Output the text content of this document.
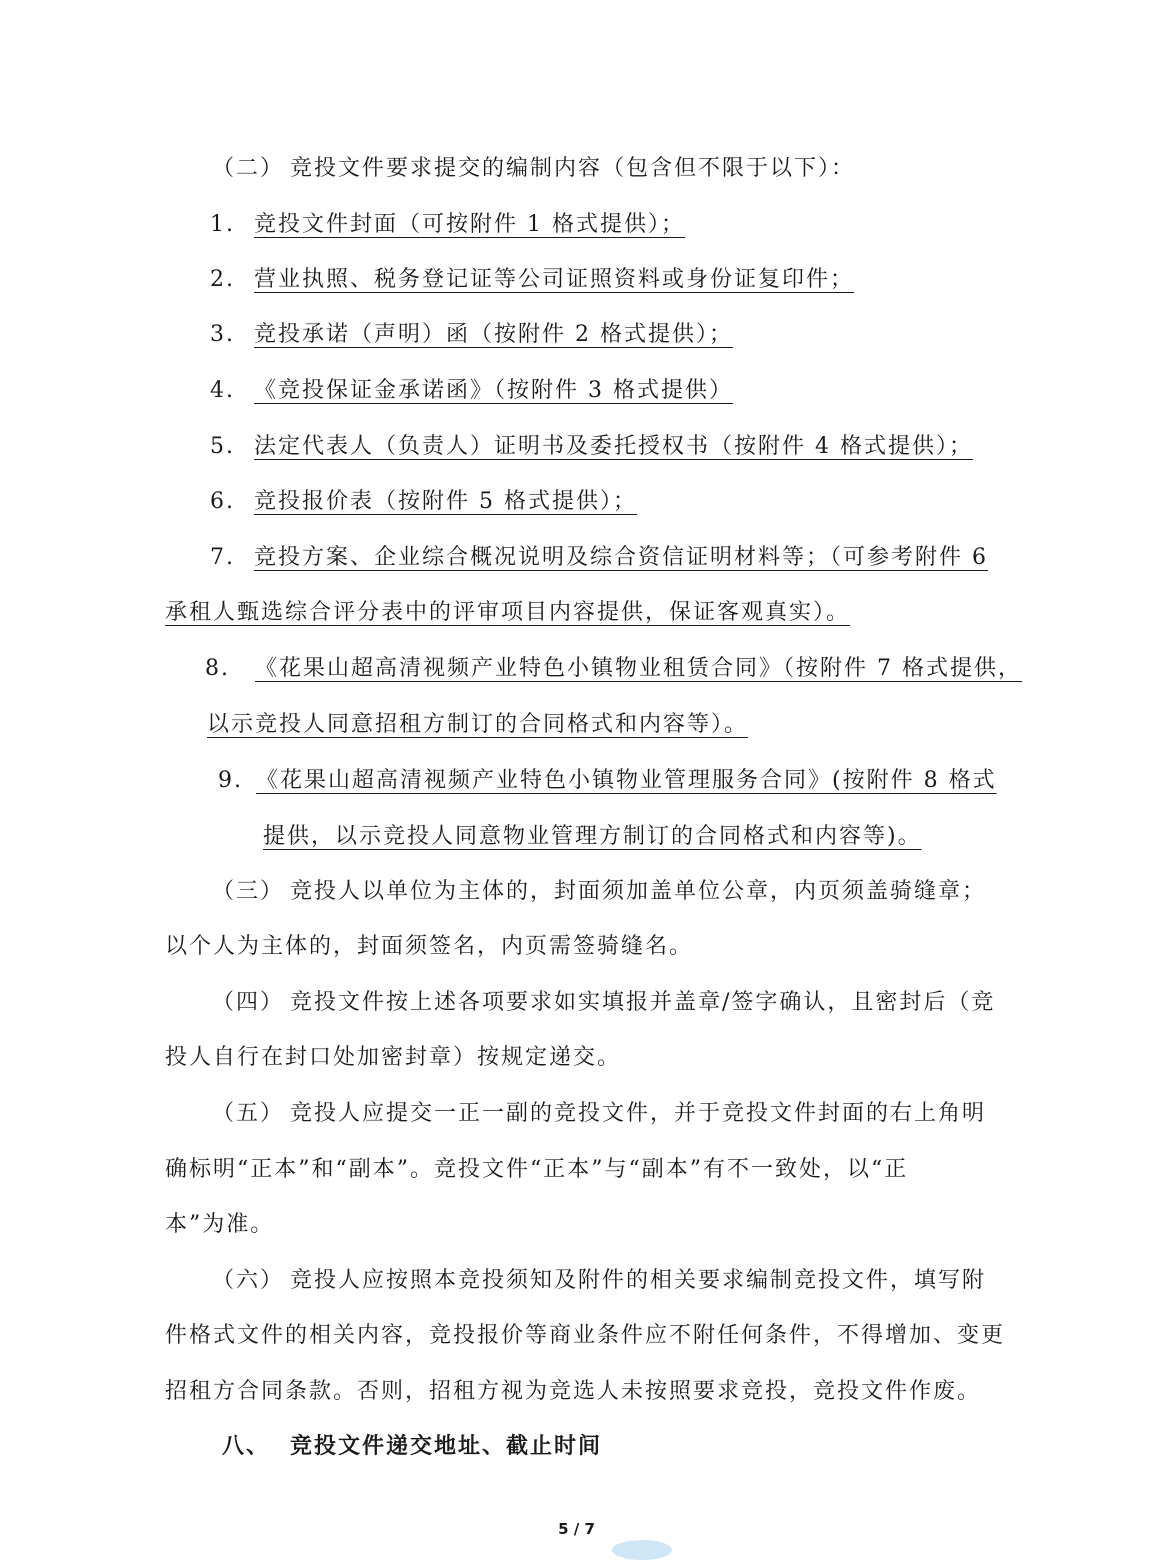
（二） 竞投文件要求提交的编制内容（包含但不限于以下）：
1. 竞投文件封面（可按附件 1 格式提供）；
2. 营业执照、税务登记证等公司证照资料或身份证复印件；
3. 竞投承诺（声明）函（按附件 2 格式提供）；
4. 《竞投保证金承诺函》（按附件 3 格式提供）
5. 法定代表人（负责人）证明书及委托授权书（按附件 4 格式提供）；
6. 竞投报价表（按附件 5 格式提供）；
7. 竞投方案、企业综合概况说明及综合资信证明材料等；（可参考附件 6
承租人甄选综合评分表中的评审项目内容提供，保证客观真实）。
8. 《花果山超高清视频产业特色小镇物业租赁合同》（按附件 7 格式提供，
以示竞投人同意招租方制订的合同格式和内容等）。
9. 《花果山超高清视频产业特色小镇物业管理服务合同》(按附件 8 格式
提供，以示竞投人同意物业管理方制订的合同格式和内容等)。
（三） 竞投人以单位为主体的，封面须加盖单位公章，内页须盖骑缝章；
以个人为主体的，封面须签名，内页需签骑缝名。
（四） 竞投文件按上述各项要求如实填报并盖章/签字确认，且密封后（竞
投人自行在封口处加密封章）按规定递交。
（五） 竞投人应提交一正一副的竞投文件，并于竞投文件封面的右上角明
确标明“正本”和“副本”。竞投文件“正本”与“副本”有不一致处，以“正
本”为准。
（六） 竞投人应按照本竞投须知及附件的相关要求编制竞投文件，填写附
件格式文件的相关内容，竞投报价等商业条件应不附任何条件，不得增加、变更
招租方合同条款。否则，招租方视为竞选人未按照要求竞投，竞投文件作废。
八、 竞投文件递交地址、截止时间
5 / 7
